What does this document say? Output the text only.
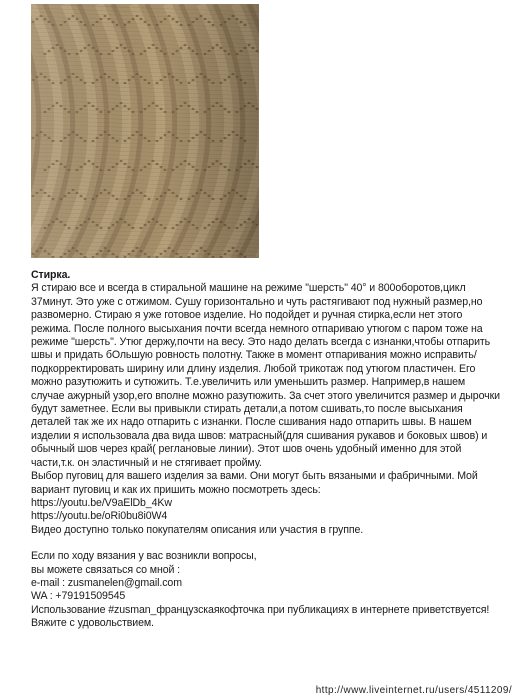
Стирка.

Я стираю все и всегда в стиральной машине на режиме "шерсть" 40° и 800оборотов,цикл 37минут. Это уже с отжимом. Сушу горизонтально и чуть растягивают под нужный размер,но развомерно. Стираю я уже готовое изделие. Но подойдет и ручная стирка,если нет этого режима. После полного высыхания почти всегда немного отпариваю утюгом с паром тоже на режиме "шерсть". Утюг держу,почти на весу. Это надо делать всегда с изнанки,чтобы отпарить швы и придать бОльшую ровность полотну. Также в момент отпаривания можно исправить/подкорректировать ширину или длину изделия. Любой трикотаж под утюгом пластичен. Его можно разутюжить и сутюжить. Т.е.увеличить или уменьшить размер. Например,в нашем случае ажурный узор,его вполне можно разутюжить. За счет этого увеличится размер и дырочки будут заметнее. Если вы привыкли стирать детали,а потом сшивать,то после высыхания деталей так же их надо отпарить с изнанки. После сшивания надо отпарить швы. В нашем изделии я использовала два вида швов: матрасный(для сшивания рукавов и боковых швов) и обычный шов через край( реглановые линии). Этот шов очень удобный именно для этой части,т.к. он эластичный и не стягивает пройму.

Выбор пуговиц для вашего изделия за вами. Они могут быть вязаными и фабричными. Мой вариант пуговиц и как их пришить можно посмотреть здесь:

https://youtu.be/V9aElDb_4Kw
https://youtu.be/oRi0bu8i0W4
Видео доступно только покупателям описания или участия в группе.
Если по ходу вязания у вас возникли вопросы,
вы можете связаться со мной :
e-mail : zusmanelen@gmail.com
WA : +79191509545
Использование #zusman_французскаякофточка при публикациях в интернете приветствуется!
Вяжите с удовольствием.
http://www.liveinternet.ru/users/4511209/
